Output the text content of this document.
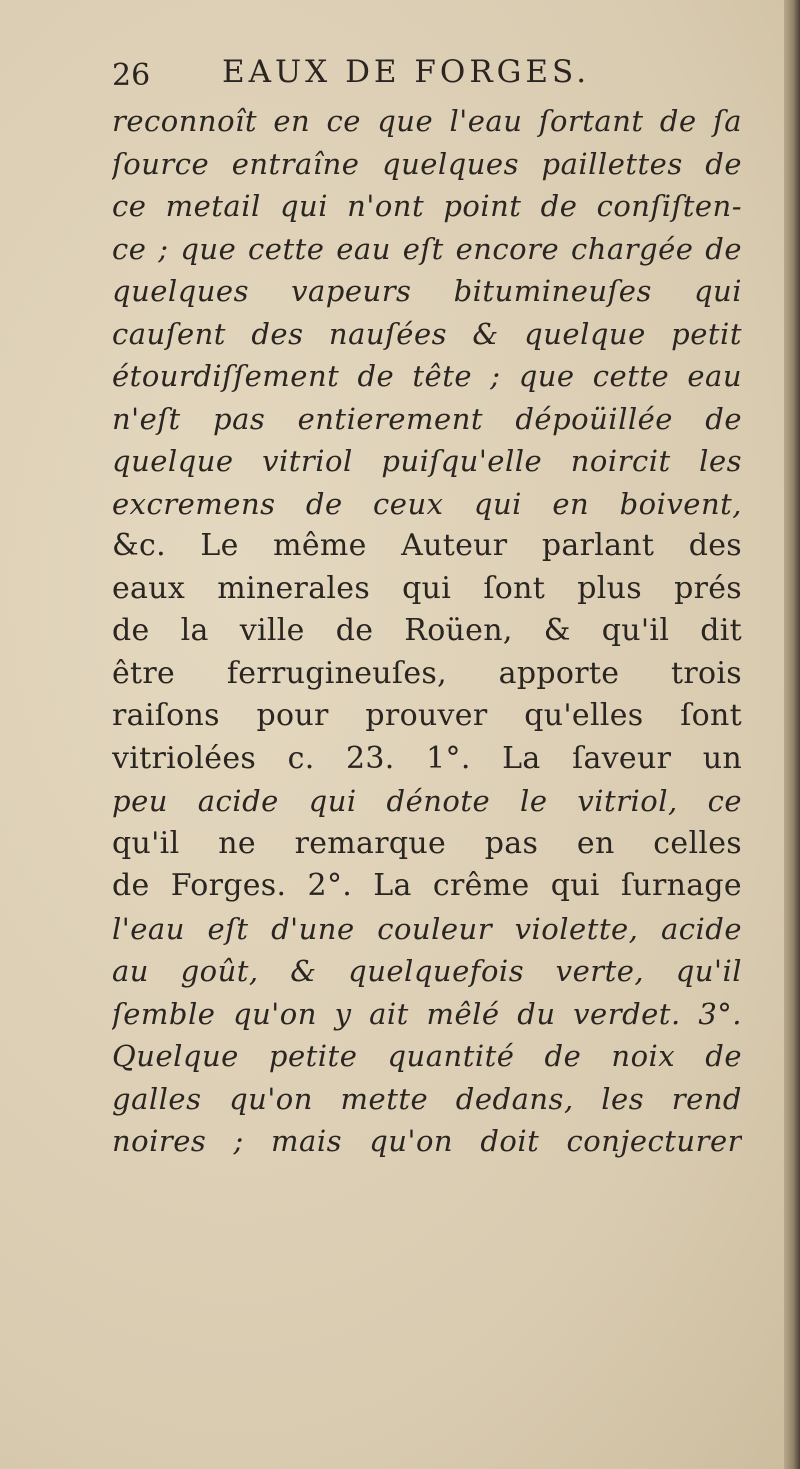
26 EAUX DE FORGES.
reconnoît en ce que l'eau ſortant de ſa
ſource entraîne quelques paillettes de
ce metail qui n'ont point de conſiſten-
ce ; que cette eau eſt encore chargée de
quelques vapeurs bitumineuſes qui
cauſent des nauſées & quelque petit
étourdiſſement de tête ; que cette eau
n'eſt pas entierement dépoüillée de
quelque vitriol puiſqu'elle noircit les
excremens de ceux qui en boivent,
&c. Le même Auteur parlant des
eaux minerales qui ſont plus prés
de la ville de Roüen, & qu'il dit
être ferrugineuſes, apporte trois
raiſons pour prouver qu'elles ſont
vitriolées c. 23. 1°. La ſaveur un
peu acide qui dénote le vitriol, ce
qu'il ne remarque pas en celles
de Forges. 2°. La crême qui ſurnage
l'eau eſt d'une couleur violette, acide
au goût, & quelquefois verte, qu'il
ſemble qu'on y ait mêlé du verdet. 3°.
Quelque petite quantité de noix de
galles qu'on mette dedans, les rend
noires ; mais qu'on doit conjecturer
